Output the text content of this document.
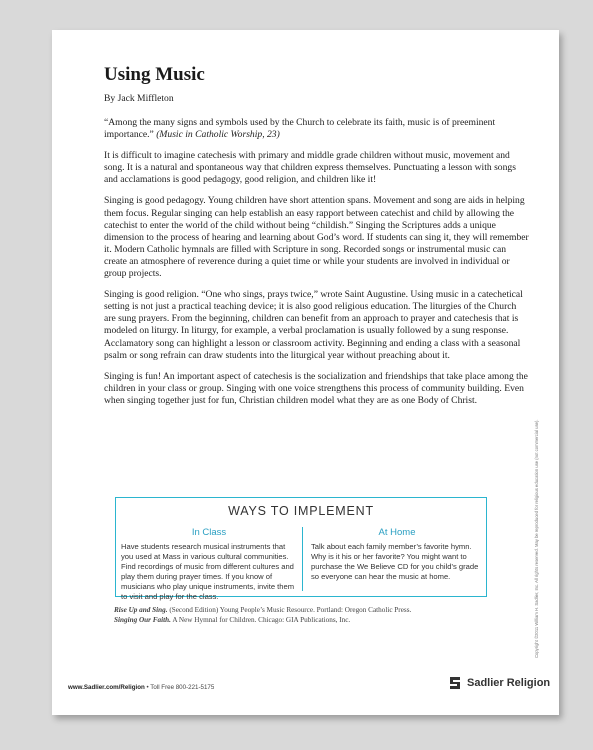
Using Music
By Jack Miffleton

“Among the many signs and symbols used by the Church to celebrate its faith, music is of preeminent importance.” (Music in Catholic Worship, 23)

It is difficult to imagine catechesis with primary and middle grade children without music, movement and song. It is a natural and spontaneous way that children express themselves. Punctuating a lesson with songs and acclamations is good pedagogy, good religion, and children like it!

Singing is good pedagogy. Young children have short attention spans. Movement and song are aids in helping them focus. Regular singing can help establish an easy rapport between catechist and child by allowing the catechist to enter the world of the child without being “childish.” Singing the Scriptures adds a unique dimension to the process of hearing and learning about God’s word. If students can sing it, they will remember it. Modern Catholic hymnals are filled with Scripture in song. Recorded songs or instrumental music can create an atmosphere of reverence during a quiet time or while your students are involved in individual or group projects.

Singing is good religion. “One who sings, prays twice,” wrote Saint Augustine. Using music in a catechetical setting is not just a practical teaching device; it is also good religious education. The liturgies of the Church are sung prayers. From the beginning, children can benefit from an approach to prayer and catechesis that is modeled on liturgy. In liturgy, for example, a verbal proclamation is usually followed by a sung response. Acclamatory song can highlight a lesson or classroom activity. Beginning and ending a class with a seasonal psalm or song refrain can draw students into the liturgical year without preaching about it.

Singing is fun! An important aspect of catechesis is the socialization and friendships that take place among the children in your class or group. Singing with one voice strengthens this process of community building. Even when singing together just for fun, Christian children model what they are as one Body of Christ.

WAYS TO IMPLEMENT
In Class
Have students research musical instruments that you used at Mass in various cultural communities. Find recordings of music from different cultures and play them during prayer times. If you know of musicians who play unique instruments, invite them to visit and play for the class.
At Home
Talk about each family member’s favorite hymn. Why is it his or her favorite? You might want to purchase the We Believe CD for you child’s grade so everyone can hear the music at home.
Rise Up and Sing. (Second Edition) Young People’s Music Resource. Portland: Oregon Catholic Press.
Singing Our Faith. A New Hymnal for Children. Chicago: GIA Publications, Inc.
www.Sadlier.com/Religion • Toll Free 800-221-5175	Sadlier Religion
Copyright ©2011 William H. Sadlier, Inc. All rights reserved. May be reproduced for religious education use (not commercial use).
